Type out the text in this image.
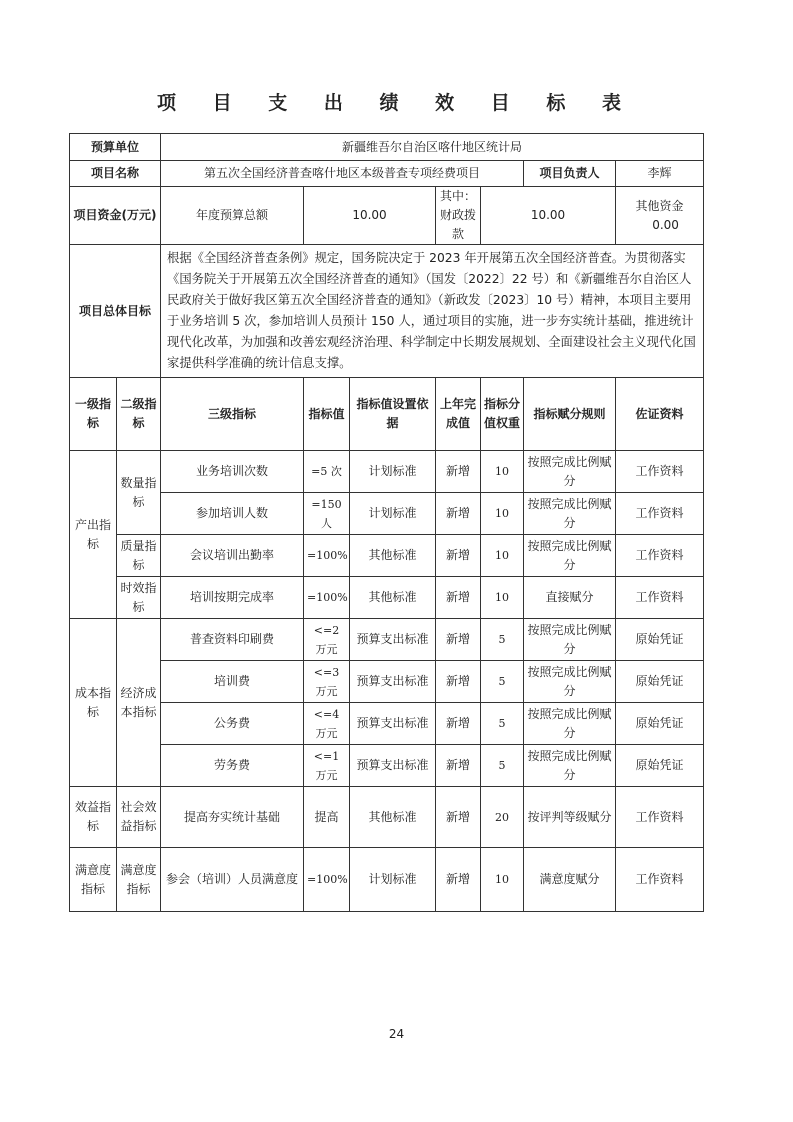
项 目 支 出 绩 效 目 标 表
预算单位		新疆维吾尔自治区喀什地区统计局						
项目名称		第五次全国经济普查喀什地区本级普查专项经费项目					项目负责人	李辉
项目资金(万元)		年度预算总额	10.00		其中：财政拨款	10.00		其他资金 0.00
项目总体目标		根据《全国经济普查条例》规定，国务院决定于 2023 年开展第五次全国经济普查。为贯彻落实《国务院关于开展第五次全国经济普查的通知》（国发〔2022〕22 号）和《新疆维吾尔自治区人民政府关于做好我区第五次全国经济普查的通知》（新政发〔2023〕10 号）精神，本项目主要用于业务培训 5 次，参加培训人员预计 150 人，通过项目的实施，进一步夯实统计基础，推进统计现代化改革，为加强和改善宏观经济治理、科学制定中长期发展规划、全面建设社会主义现代化国家提供科学准确的统计信息支撑。						
一级指标	二级指标	三级指标	指标值	指标值设置依据	上年完成值	指标分值权重	指标赋分规则	佐证资料
产出指标	数量指标	业务培训次数	=5 次	计划标准	新增	10	按照完成比例赋分	工作资料
		参加培训人数	=150 人	计划标准	新增	10	按照完成比例赋分	工作资料
	质量指标	会议培训出勤率	=100%	其他标准	新增	10	按照完成比例赋分	工作资料
	时效指标	培训按期完成率	=100%	其他标准	新增	10	直接赋分	工作资料
成本指标	经济成本指标	普查资料印刷费	<=2 万元	预算支出标准	新增	5	按照完成比例赋分	原始凭证
		培训费	<=3 万元	预算支出标准	新增	5	按照完成比例赋分	原始凭证
		公务费	<=4 万元	预算支出标准	新增	5	按照完成比例赋分	原始凭证
		劳务费	<=1 万元	预算支出标准	新增	5	按照完成比例赋分	原始凭证
效益指标	社会效益指标	提高夯实统计基础	提高	其他标准	新增	20	按评判等级赋分	工作资料
满意度指标	满意度指标	参会（培训）人员满意度	=100%	计划标准	新增	10	满意度赋分	工作资料
24
